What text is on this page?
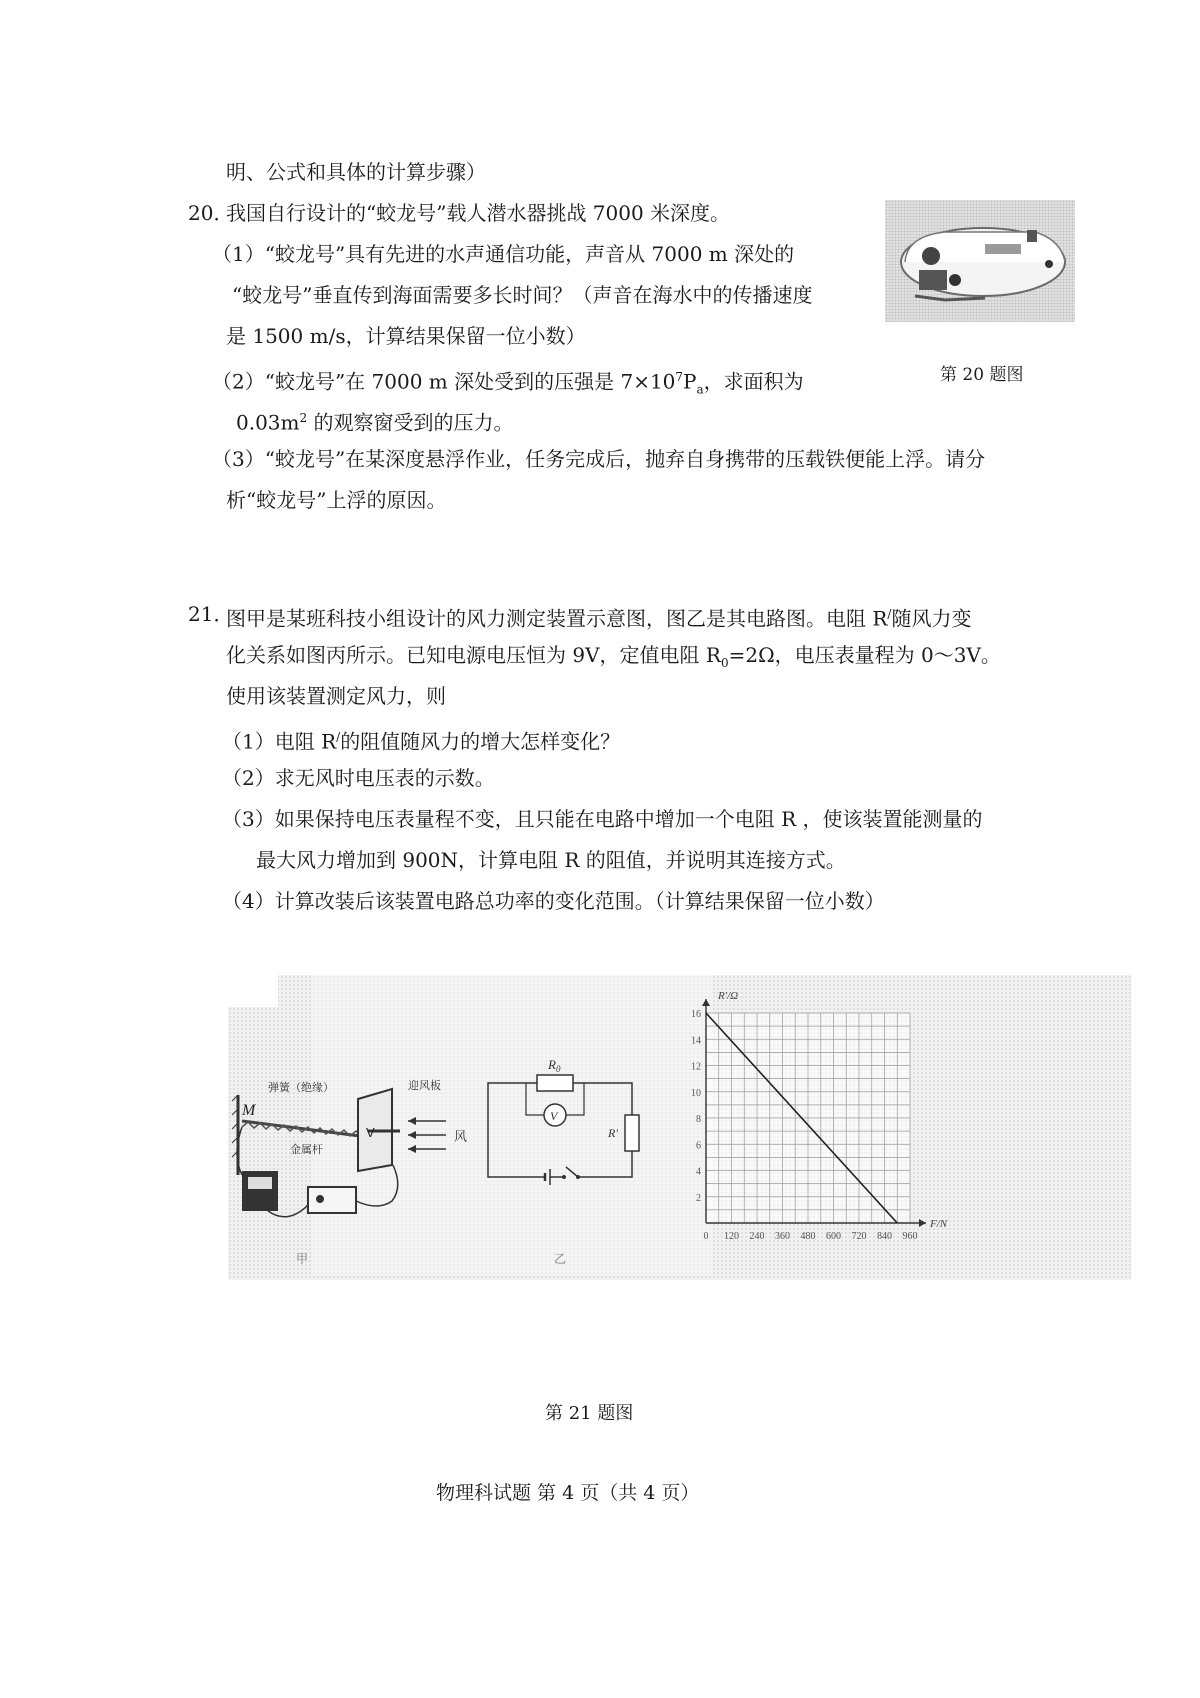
明、公式和具体的计算步骤）
20．
我国自行设计的“蛟龙号”载人潜水器挑战 7000 米深度。
（1）“蛟龙号”具有先进的水声通信功能，声音从 7000 m 深处的
“蛟龙号”垂直传到海面需要多长时间？（声音在海水中的传播速度
是 1500 m/s，计算结果保留一位小数）
（2）“蛟龙号”在 7000 m 深处受到的压强是 $7\times 10^7P_a$，求面积为
$0.03m^2$ 的观察窗受到的压力。
（3）“蛟龙号”在某深度悬浮作业，任务完成后，抛弃自身携带的压载铁便能上浮。请分
析“蛟龙号”上浮的原因。
第 20 题图
21．
图甲是某班科技小组设计的风力测定装置示意图，图乙是其电路图。电阻 R/随风力变
化关系如图丙所示。已知电源电压恒为 9V，定值电阻 $R_0=2\Omega$，电压表量程为 0～3V。
使用该装置测定风力，则
（1）电阻 R/的阻值随风力的增大怎样变化？
（2）求无风时电压表的示数。
（3）如果保持电压表量程不变，且只能在电路中增加一个电阻 R ，使该装置能测量的
最大风力增加到 900N，计算电阻 R 的阻值，并说明其连接方式。
（4）计算改装后该装置电路总功率的变化范围。（计算结果保留一位小数）
M
V	风
弹簧（绝缘）	迎风板
金属杆
甲
$R_0$
V
R'
乙
0 120 240 360 480 600 720 840 960
2
4
6
8
10
12
14
16
F/N
R'/Ω
第 21 题图
物理科试题 第 4 页（共 4 页）
